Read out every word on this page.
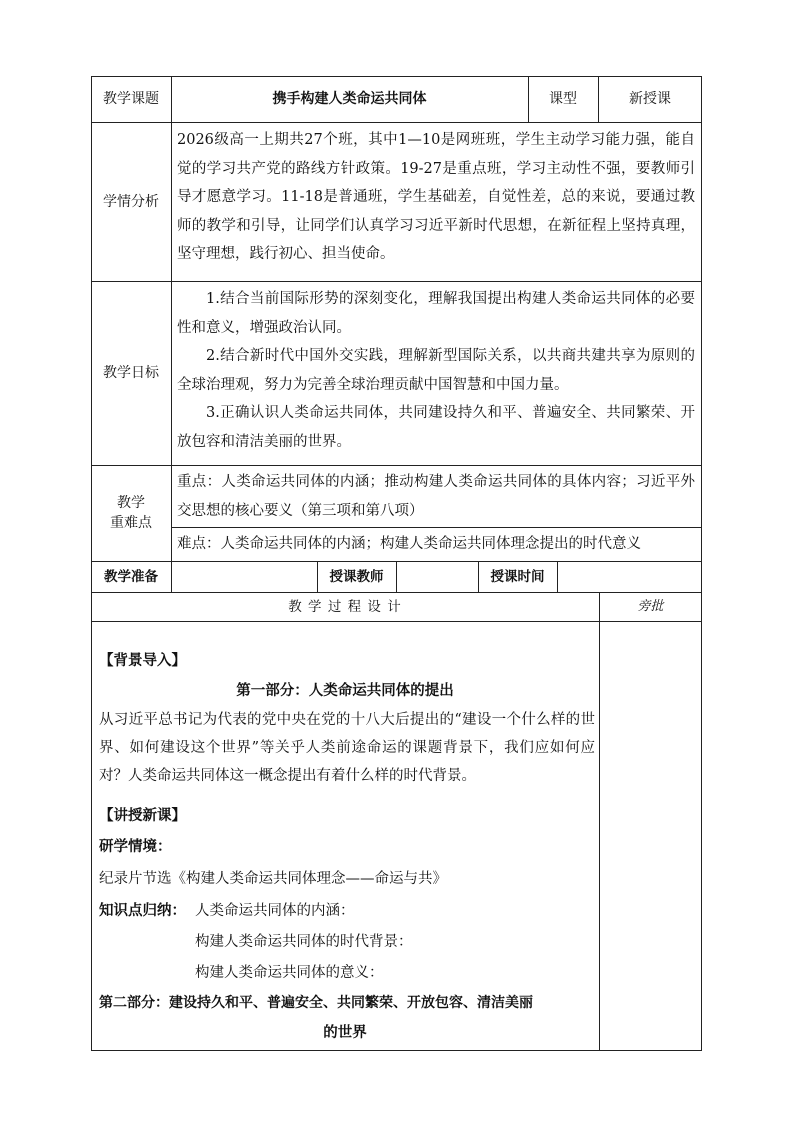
教学课题	携手构建人类命运共同体	课型	新授课
学情分析
2026级高一上期共27个班，其中1—10是网班班，学生主动学习能力强，能自觉的学习共产党的路线方针政策。19-27是重点班，学习主动性不强，要教师引导才愿意学习。11-18是普通班，学生基础差，自觉性差，总的来说，要通过教师的教学和引导，让同学们认真学习习近平新时代思想，在新征程上坚持真理，坚守理想，践行初心、担当使命。
教学日标
1.结合当前国际形势的深刻变化，理解我国提出构建人类命运共同体的必要性和意义，增强政治认同。
2.结合新时代中国外交实践，理解新型国际关系，以共商共建共享为原则的全球治理观，努力为完善全球治理贡献中国智慧和中国力量。
3.正确认识人类命运共同体，共同建设持久和平、普遍安全、共同繁荣、开放包容和清洁美丽的世界。
教学
重难点
重点：人类命运共同体的内涵；推动构建人类命运共同体的具体内容；习近平外交思想的核心要义（第三项和第八项）
难点：人类命运共同体的内涵；构建人类命运共同体理念提出的时代意义
教学准备	授课教师	授课时间
教 学 过 程 设 计	旁批
【背景导入】
第一部分：人类命运共同体的提出
从习近平总书记为代表的党中央在党的十八大后提出的“建设一个什么样的世界、如何建设这个世界”等关乎人类前途命运的课题背景下，我们应如何应对？人类命运共同体这一概念提出有着什么样的时代背景。
【讲授新课】
研学情境：
纪录片节选《构建人类命运共同体理念——命运与共》
知识点归纳： 人类命运共同体的内涵：
构建人类命运共同体的时代背景：
构建人类命运共同体的意义：
第二部分：建设持久和平、普遍安全、共同繁荣、开放包容、清洁美丽
的世界
